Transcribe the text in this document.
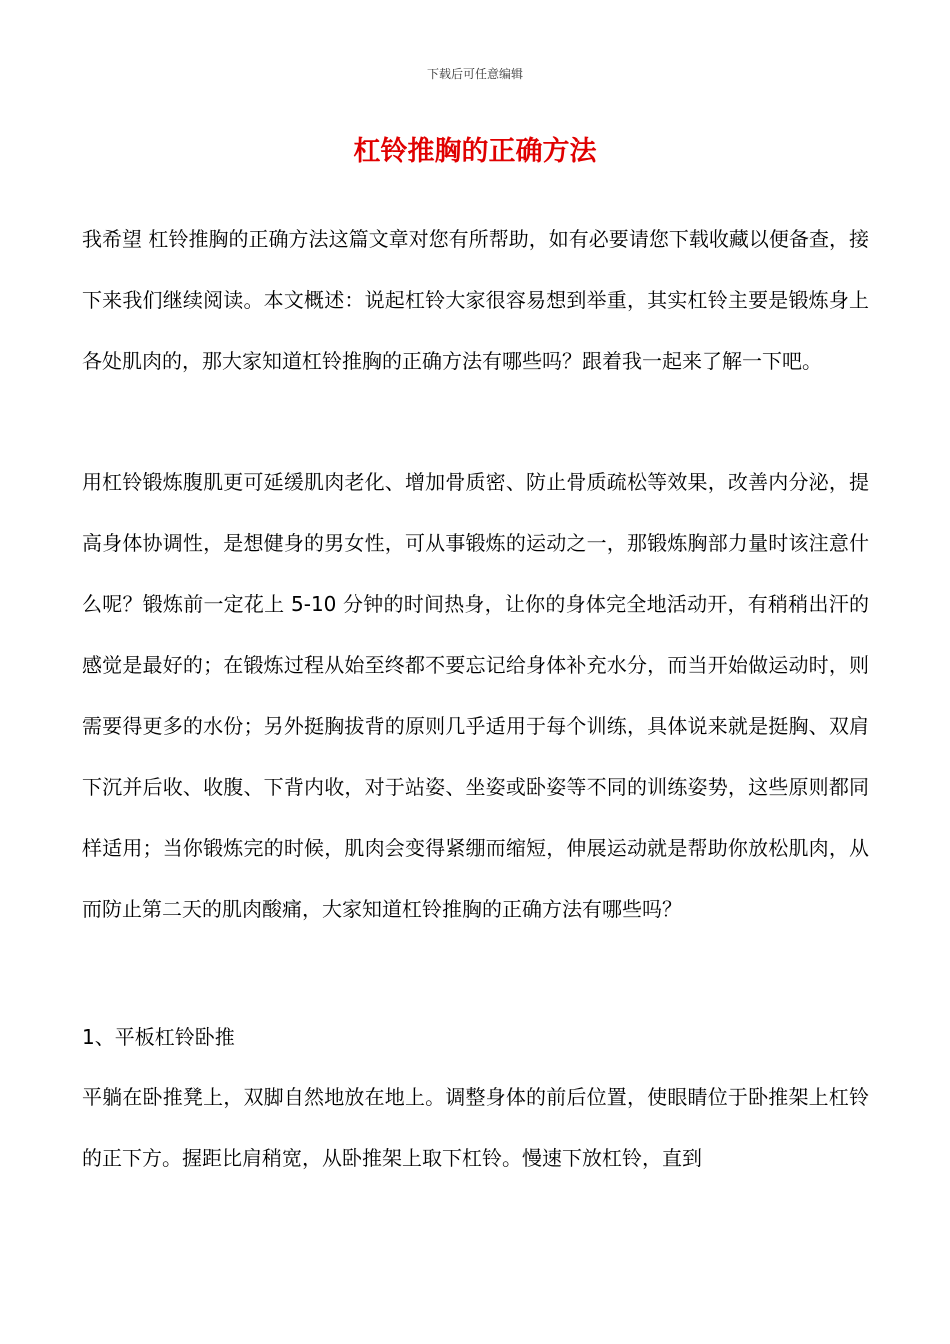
下载后可任意编辑
杠铃推胸的正确方法

我希望 杠铃推胸的正确方法这篇文章对您有所帮助，如有必要请您下载收藏以便备查，接下来我们继续阅读。本文概述：说起杠铃大家很容易想到举重，其实杠铃主要是锻炼身上各处肌肉的，那大家知道杠铃推胸的正确方法有哪些吗？跟着我一起来了解一下吧。

用杠铃锻炼腹肌更可延缓肌肉老化、增加骨质密、防止骨质疏松等效果，改善内分泌，提高身体协调性，是想健身的男女性，可从事锻炼的运动之一，那锻炼胸部力量时该注意什么呢？锻炼前一定花上 5-10 分钟的时间热身，让你的身体完全地活动开，有稍稍出汗的感觉是最好的；在锻炼过程从始至终都不要忘记给身体补充水分，而当开始做运动时，则需要得更多的水份；另外挺胸拔背的原则几乎适用于每个训练，具体说来就是挺胸、双肩下沉并后收、收腹、下背内收，对于站姿、坐姿或卧姿等不同的训练姿势，这些原则都同样适用；当你锻炼完的时候，肌肉会变得紧绷而缩短，伸展运动就是帮助你放松肌肉，从而防止第二天的肌肉酸痛，大家知道杠铃推胸的正确方法有哪些吗？

1、平板杠铃卧推

平躺在卧推凳上，双脚自然地放在地上。调整身体的前后位置，使眼睛位于卧推架上杠铃的正下方。握距比肩稍宽，从卧推架上取下杠铃。慢速下放杠铃，直到
